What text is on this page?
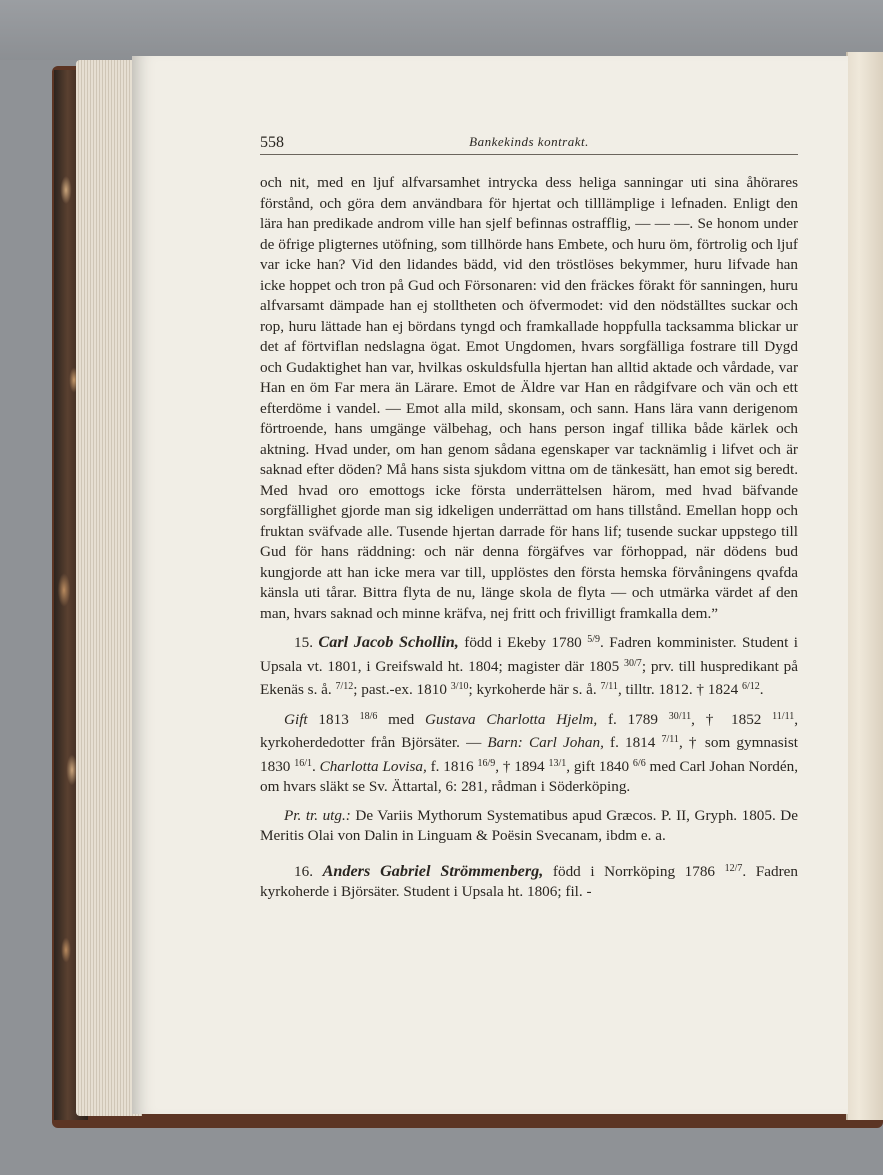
558	Bankekinds kontrakt.

och nit, med en ljuf alfvarsamhet intrycka dess heliga sanningar uti sina åhörares förstånd, och göra dem användbara för hjertat och tilllämplige i lefnaden. Enligt den lära han predikade androm ville han sjelf befinnas ostrafflig, — — —. Se honom under de öfrige pligternes utöfning, som tillhörde hans Embete, och huru öm, förtrolig och ljuf var icke han? Vid den lidandes bädd, vid den tröstlöses bekymmer, huru lifvade han icke hoppet och tron på Gud och Försonaren: vid den fräckes förakt för sanningen, huru alfvarsamt dämpade han ej stolltheten och öfvermodet: vid den nödställtes suckar och rop, huru lättade han ej bördans tyngd och framkallade hoppfulla tacksamma blickar ur det af förtviflan nedslagna ögat. Emot Ungdomen, hvars sorgfälliga fostrare till Dygd och Gudaktighet han var, hvilkas oskuldsfulla hjertan han alltid aktade och vårdade, var Han en öm Far mera än Lärare. Emot de Äldre var Han en rådgifvare och vän och ett efterdöme i vandel. — Emot alla mild, skonsam, och sann. Hans lära vann derigenom förtroende, hans umgänge välbehag, och hans person ingaf tillika både kärlek och aktning. Hvad under, om han genom sådana egenskaper var tacknämlig i lifvet och är saknad efter döden? Må hans sista sjukdom vittna om de tänkesätt, han emot sig beredt. Med hvad oro emottogs icke första underrättelsen härom, med hvad bäfvande sorgfällighet gjorde man sig idkeligen underrättad om hans tillstånd. Emellan hopp och fruktan sväfvade alle. Tusende hjertan darrade för hans lif; tusende suckar uppstego till Gud för hans räddning: och när denna förgäfves var förhoppad, när dödens bud kungjorde att han icke mera var till, upplöstes den första hemska förvåningens qvafda känsla uti tårar. Bittra flyta de nu, länge skola de flyta — och utmärka värdet af den man, hvars saknad och minne kräfva, nej fritt och frivilligt framkalla dem.”

15. Carl Jacob Schollin, född i Ekeby 1780 $^{5/9}$. Fadren komminister. Student i Upsala vt. 1801, i Greifswald ht. 1804; magister där 1805 $^{30/7}$; prv. till huspredikant på Ekenäs s. å. $^{7/12}$; past.-ex. 1810 $^{3/10}$; kyrkoherde här s. å. $^{7/11}$, tilltr. 1812. † 1824 $^{6/12}$.

Gift 1813 $^{18/6}$ med Gustava Charlotta Hjelm, f. 1789 $^{30/11}$, † 1852 $^{11/11}$, kyrkoherdedotter från Björsäter. — Barn: Carl Johan, f. 1814 $^{7/11}$, † som gymnasist 1830 $^{16/1}$. Charlotta Lovisa, f. 1816 $^{16/9}$, † 1894 $^{13/1}$, gift 1840 $^{6/6}$ med Carl Johan Nordén, om hvars släkt se Sv. Ättartal, 6: 281, rådman i Söderköping.

Pr. tr. utg.: De Variis Mythorum Systematibus apud Græcos. P. II, Gryph. 1805. De Meritis Olai von Dalin in Linguam & Poësin Svecanam, ibdm e. a.

16. Anders Gabriel Strömmenberg, född i Norrköping 1786 $^{12/7}$. Fadren kyrkoherde i Björsäter. Student i Upsala ht. 1806; fil. -
